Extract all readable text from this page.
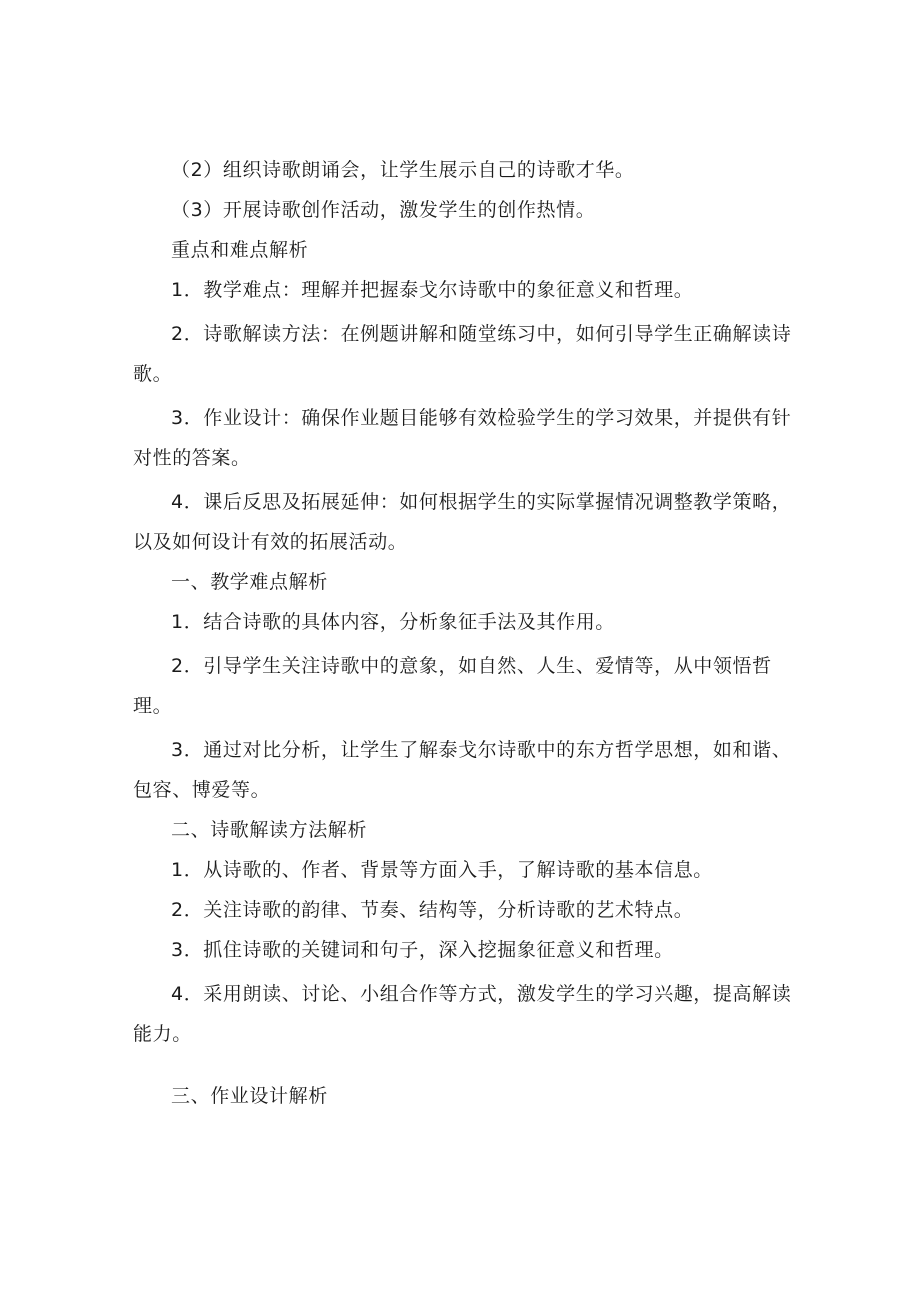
（2）组织诗歌朗诵会，让学生展示自己的诗歌才华。

（3）开展诗歌创作活动，激发学生的创作热情。

重点和难点解析

1．教学难点：理解并把握泰戈尔诗歌中的象征意义和哲理。

2．诗歌解读方法：在例题讲解和随堂练习中，如何引导学生正确解读诗歌。

3．作业设计：确保作业题目能够有效检验学生的学习效果，并提供有针对性的答案。

4．课后反思及拓展延伸：如何根据学生的实际掌握情况调整教学策略，以及如何设计有效的拓展活动。

一、教学难点解析

1．结合诗歌的具体内容，分析象征手法及其作用。

2．引导学生关注诗歌中的意象，如自然、人生、爱情等，从中领悟哲理。

3．通过对比分析，让学生了解泰戈尔诗歌中的东方哲学思想，如和谐、包容、博爱等。

二、诗歌解读方法解析

1．从诗歌的、作者、背景等方面入手，了解诗歌的基本信息。

2．关注诗歌的韵律、节奏、结构等，分析诗歌的艺术特点。

3．抓住诗歌的关键词和句子，深入挖掘象征意义和哲理。

4．采用朗读、讨论、小组合作等方式，激发学生的学习兴趣，提高解读能力。

三、作业设计解析
